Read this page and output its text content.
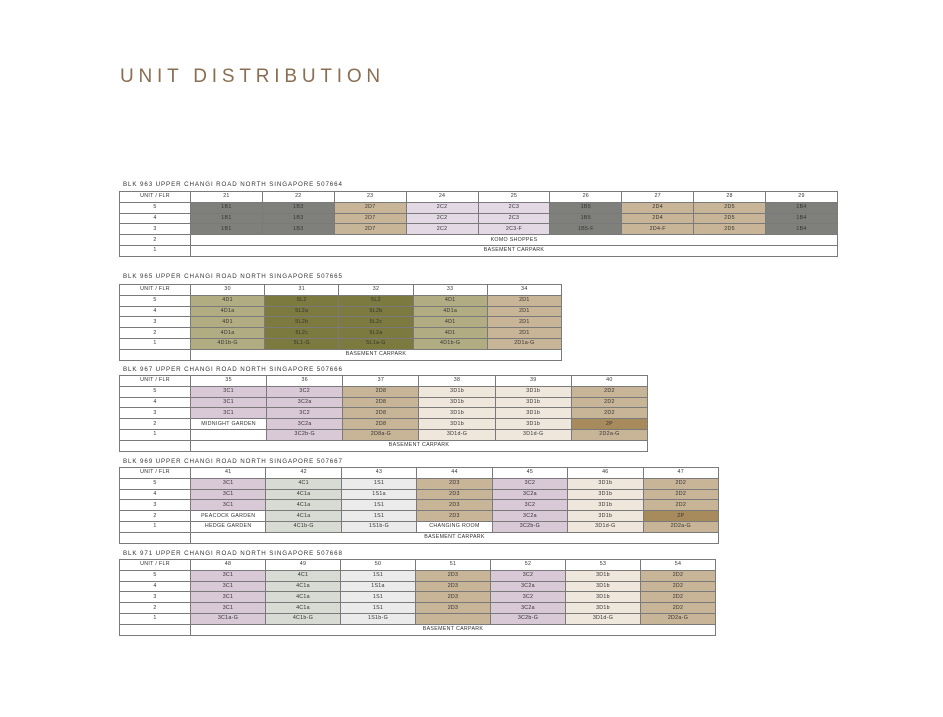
UNIT DISTRIBUTION
BLK 963 UPPER CHANGI ROAD NORTH SINGAPORE 507664
UNIT / FLR	21	22	23	24	25	26	27	28	29
5	1B1	1B3	2D7	2C2	2C3	1B5	2D4	2D5	1B4
4	1B1	1B3	2D7	2C2	2C3	1B5	2D4	2D5	1B4
3	1B1	1B3	2D7	2C2	2C3-F	1B5-F	2D4-F	2D5	1B4
2	KOMO SHOPPES								
1	BASEMENT CARPARK								
BLK 965 UPPER CHANGI ROAD NORTH SINGAPORE 507665
UNIT / FLR	30	31	32	33	34
5	4D1	5L2	5L2	4D1	2D1
4	4D1a	5L2a	5L2b	4D1a	2D1
3	4D1	5L2b	5L2c	4D1	2D1
2	4D1a	5L2c	5L2a	4D1	2D1
1	4D1b-G	5L1-G	5L1a-G	4D1b-G	2D1a-G
	BASEMENT CARPARK				
BLK 967 UPPER CHANGI ROAD NORTH SINGAPORE 507666
UNIT / FLR	35	36	37	38	39	40
5	3C1	3C2	2D8	3D1b	3D1b	2D2
4	3C1	3C2a	2D8	3D1b	3D1b	2D2
3	3C1	3C2	2D8	3D1b	3D1b	2D2
2	MIDNIGHT GARDEN	3C2a	2D8	3D1b	3D1b	2P
1		3C2b-G	2D8a-G	3D1d-G	3D1d-G	2D2a-G
	BASEMENT CARPARK					
BLK 969 UPPER CHANGI ROAD NORTH SINGAPORE 507667
UNIT / FLR	41	42	43	44	45	46	47
5	3C1	4C1	1S1	2D3	3C2	3D1b	2D2
4	3C1	4C1a	1S1a	2D3	3C2a	3D1b	2D2
3	3C1	4C1a	1S1	2D3	3C2	3D1b	2D2
2	PEACOCK GARDEN	4C1a	1S1	2D3	3C2a	3D1b	2P
1	HEDGE GARDEN	4C1b-G	1S1b-G	CHANGING ROOM	3C2b-G	3D1d-G	2D2a-G
	BASEMENT CARPARK						
BLK 971 UPPER CHANGI ROAD NORTH SINGAPORE 507668
UNIT / FLR	48	49	50	51	52	53	54
5	3C1	4C1	1S1	2D3	3C2	3D1b	2D2
4	3C1	4C1a	1S1a	2D3	3C2a	3D1b	2D2
3	3C1	4C1a	1S1	2D3	3C2	3D1b	2D2
2	3C1	4C1a	1S1	2D3	3C2a	3D1b	2D2
1	3C1a-G	4C1b-G	1S1b-G		3C2b-G	3D1d-G	2D2a-G
	BASEMENT CARPARK						
